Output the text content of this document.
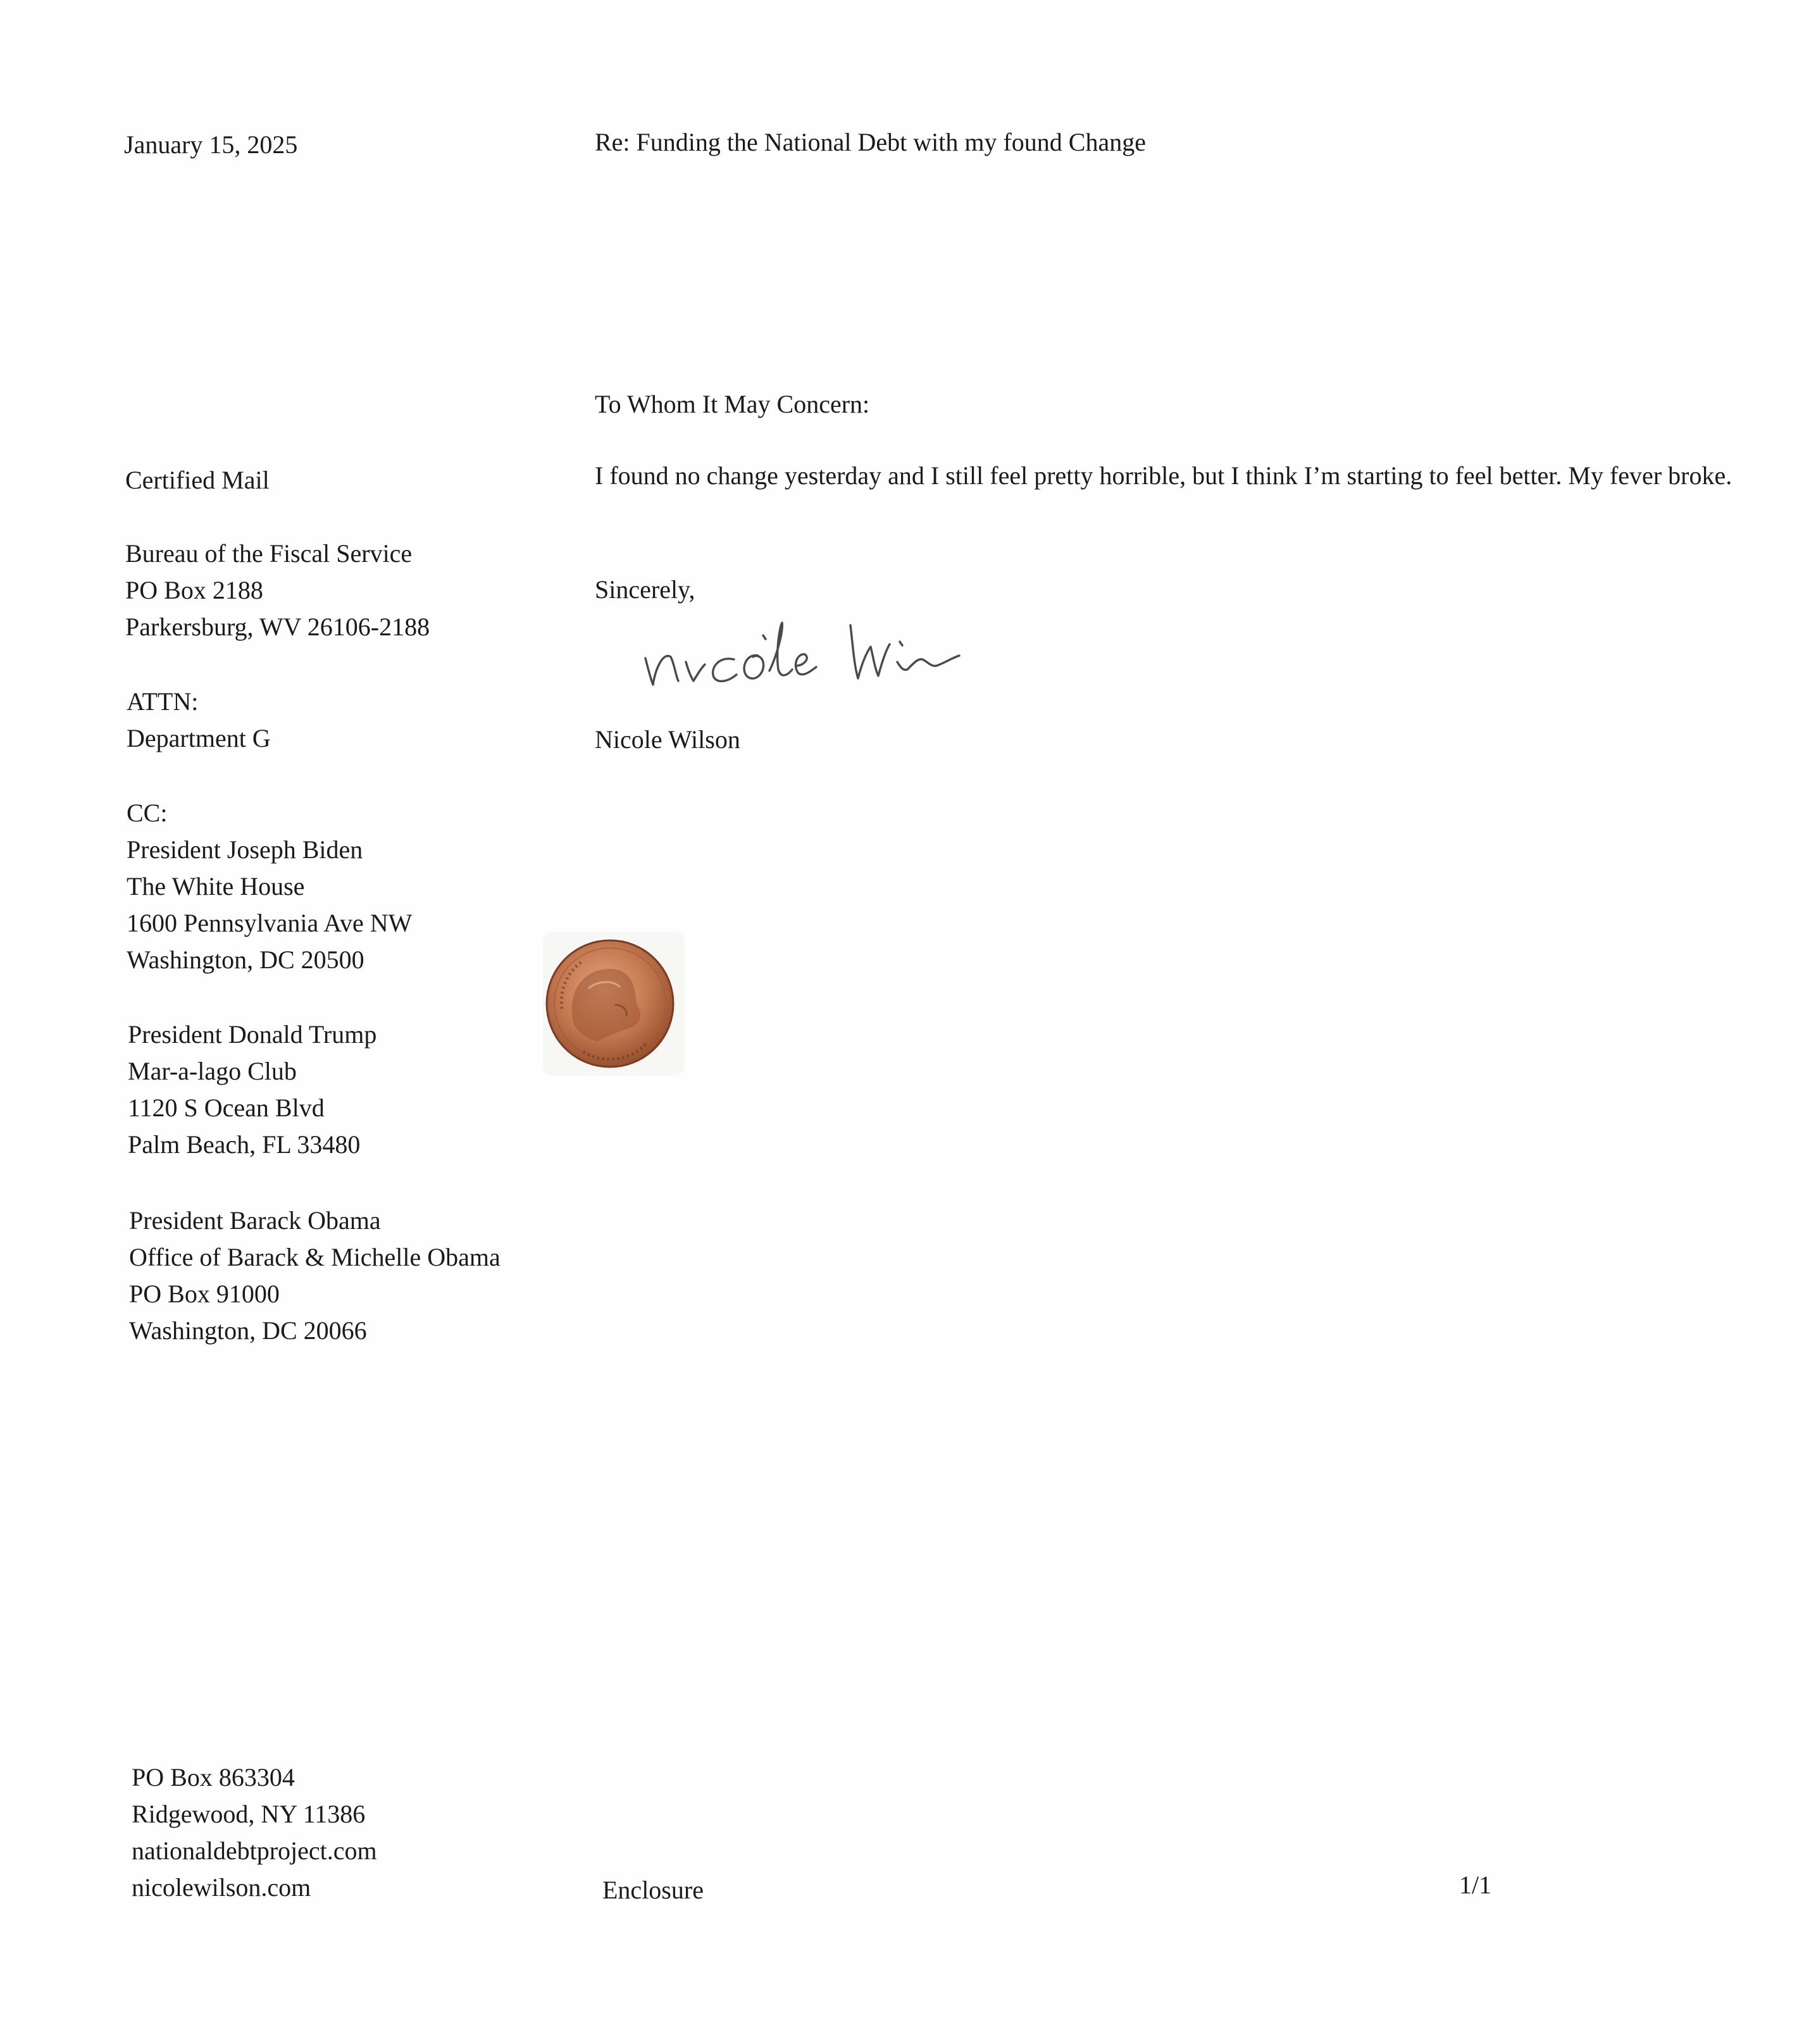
January 15, 2025	Re: Funding the National Debt with my found Change
To Whom It May Concern:
I found no change yesterday and I still feel pretty horrible, but I think I’m starting to feel better. My fever broke.
Sincerely,
Nicole Wilson
Certified Mail
Bureau of the Fiscal Service
PO Box 2188
Parkersburg, WV 26106-2188
ATTN:
Department G
CC:
President Joseph Biden
The White House
1600 Pennsylvania Ave NW
Washington, DC 20500
President Donald Trump
Mar-a-lago Club
1120 S Ocean Blvd
Palm Beach, FL 33480
President Barack Obama
Office of Barack & Michelle Obama
PO Box 91000
Washington, DC 20066
PO Box 863304
Ridgewood, NY 11386
nationaldebtproject.com
nicolewilson.com	Enclosure	1/1
